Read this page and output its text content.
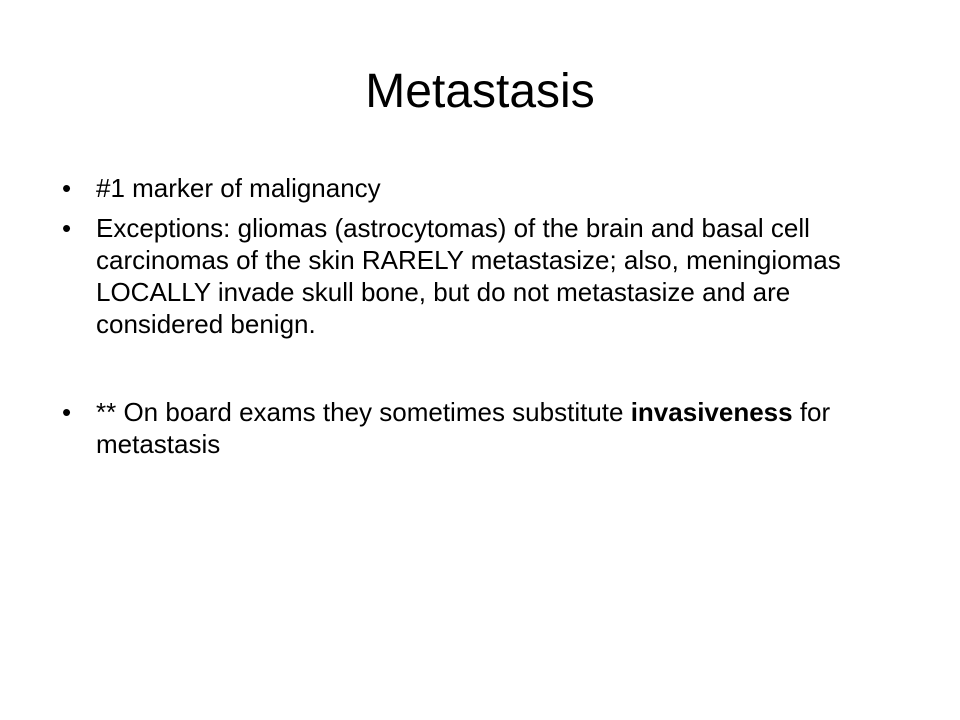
Metastasis
• #1 marker of malignancy
• Exceptions: gliomas (astrocytomas) of the brain and basal cell carcinomas of the skin RARELY metastasize; also, meningiomas LOCALLY invade skull bone, but do not metastasize and are considered benign.
• ** On board exams they sometimes substitute invasiveness for metastasis
